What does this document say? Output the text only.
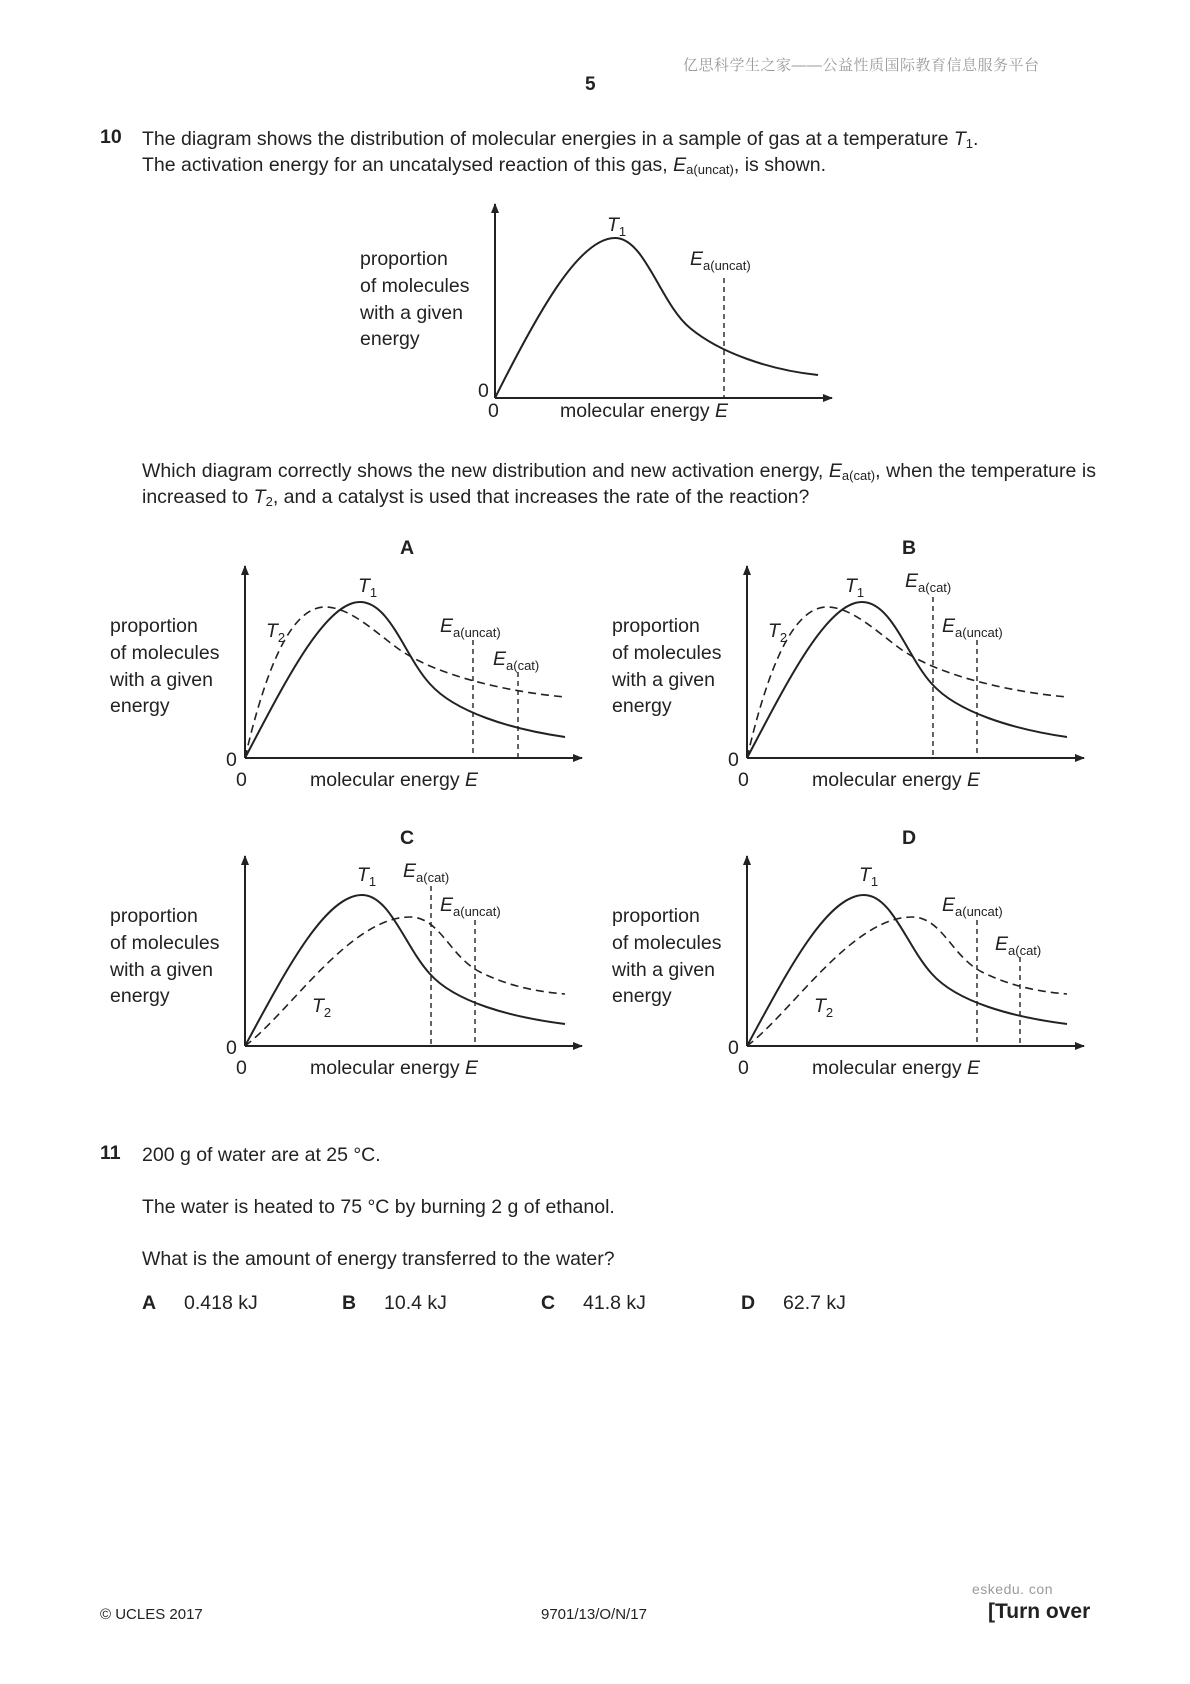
亿思科学生之家——公益性质国际教育信息服务平台
5
10 The diagram shows the distribution of molecular energies in a sample of gas at a temperature $T_1$.
The activation energy for an uncatalysed reaction of this gas, $E_{a(uncat)}$, is shown.
proportion
of molecules
with a given
energy
0
0	molecular energy E
$T_1$
$E_{a(uncat)}$
Which diagram correctly shows the new distribution and new activation energy, $E_{a(cat)}$, when the temperature is increased to $T_2$, and a catalyst is used that increases the rate of the reaction?
A
proportion
of molecules
with a given
energy
0
0	molecular energy E
$T_1$
$T_2$
$E_{a(uncat)}$
$E_{a(cat)}$
B
proportion
of molecules
with a given
energy
0
0	molecular energy E
$T_1$
$T_2$
$E_{a(cat)}$
$E_{a(uncat)}$
C
proportion
of molecules
with a given
energy
0
0	molecular energy E
$T_1$
$T_2$
$E_{a(cat)}$
$E_{a(uncat)}$
D
proportion
of molecules
with a given
energy
0
0	molecular energy E
$T_1$
$T_2$
$E_{a(uncat)}$
$E_{a(cat)}$
11 200 g of water are at 25 °C.
The water is heated to 75 °C by burning 2 g of ethanol.
What is the amount of energy transferred to the water?
A 0.418 kJ	B 10.4 kJ	C 41.8 kJ	D 62.7 kJ
eskedu. con
© UCLES 2017	9701/13/O/N/17	[Turn over
